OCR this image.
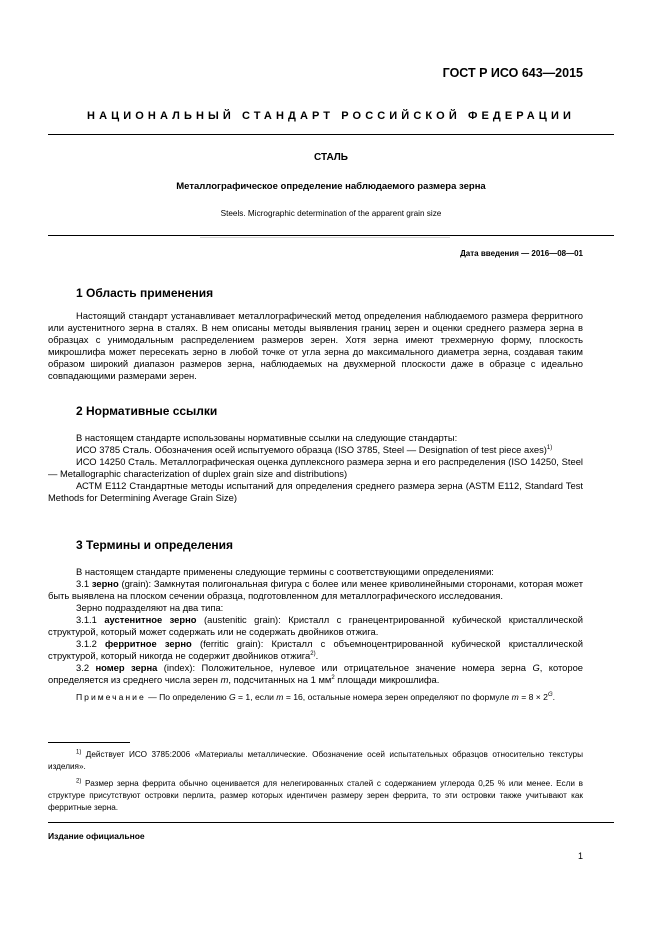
ГОСТ Р ИСО 643—2015
НАЦИОНАЛЬНЫЙ СТАНДАРТ РОССИЙСКОЙ ФЕДЕРАЦИИ
СТАЛЬ
Металлографическое определение наблюдаемого размера зерна
Steels. Micrographic determination of the apparent grain size
Дата введения — 2016—08—01
1 Область применения

Настоящий стандарт устанавливает металлографический метод определения наблюдаемого размера ферритного или аустенитного зерна в сталях. В нем описаны методы выявления границ зерен и оценки среднего размера зерна в образцах с унимодальным распределением размеров зерен. Хотя зерна имеют трехмерную форму, плоскость микрошлифа может пересекать зерно в любой точке от угла зерна до максимального диаметра зерна, создавая таким образом широкий диапазон размеров зерна, наблюдаемых на двухмерной плоскости даже в образце с идеально совпадающими размерами зерен.

2 Нормативные ссылки

В настоящем стандарте использованы нормативные ссылки на следующие стандарты:

ИСО 3785 Сталь. Обозначения осей испытуемого образца (ISO 3785, Steel — Designation of test piece axes)$^{1)}$

ИСО 14250 Сталь. Металлографическая оценка дуплексного размера зерна и его распределения (ISO 14250, Steel — Metallographic characterization of duplex grain size and distributions)

АСТМ Е112 Стандартные методы испытаний для определения среднего размера зерна (ASTM E112, Standard Test Methods for Determining Average Grain Size)

3 Термины и определения

В настоящем стандарте применены следующие термины с соответствующими определениями:

3.1 зерно (grain): Замкнутая полигональная фигура с более или менее криволинейными сторонами, которая может быть выявлена на плоском сечении образца, подготовленном для металлографического исследования.

Зерно подразделяют на два типа:

3.1.1 аустенитное зерно (austenitic grain): Кристалл с гранецентрированной кубической кристаллической структурой, который может содержать или не содержать двойников отжига.

3.1.2 ферритное зерно (ferritic grain): Кристалл с объемноцентрированной кубической кристаллической структурой, который никогда не содержит двойников отжига$^{2)}$.

3.2 номер зерна (index): Положительное, нулевое или отрицательное значение номера зерна G, которое определяется из среднего числа зерен m, подсчитанных на 1 $мм^2$ площади микрошлифа.

Примечание — По определению G = 1, если m = 16, остальные номера зерен определяют по формуле $m = 8 \times 2^G$.

$^{1)}$ Действует ИСО 3785:2006 «Материалы металлические. Обозначение осей испытательных образцов относительно текстуры изделия».

$^{2)}$ Размер зерна феррита обычно оценивается для нелегированных сталей с содержанием углерода 0,25 % или менее. Если в структуре присутствуют островки перлита, размер которых идентичен размеру зерен феррита, то эти островки также учитывают как ферритные зерна.

Издание официальное
1
